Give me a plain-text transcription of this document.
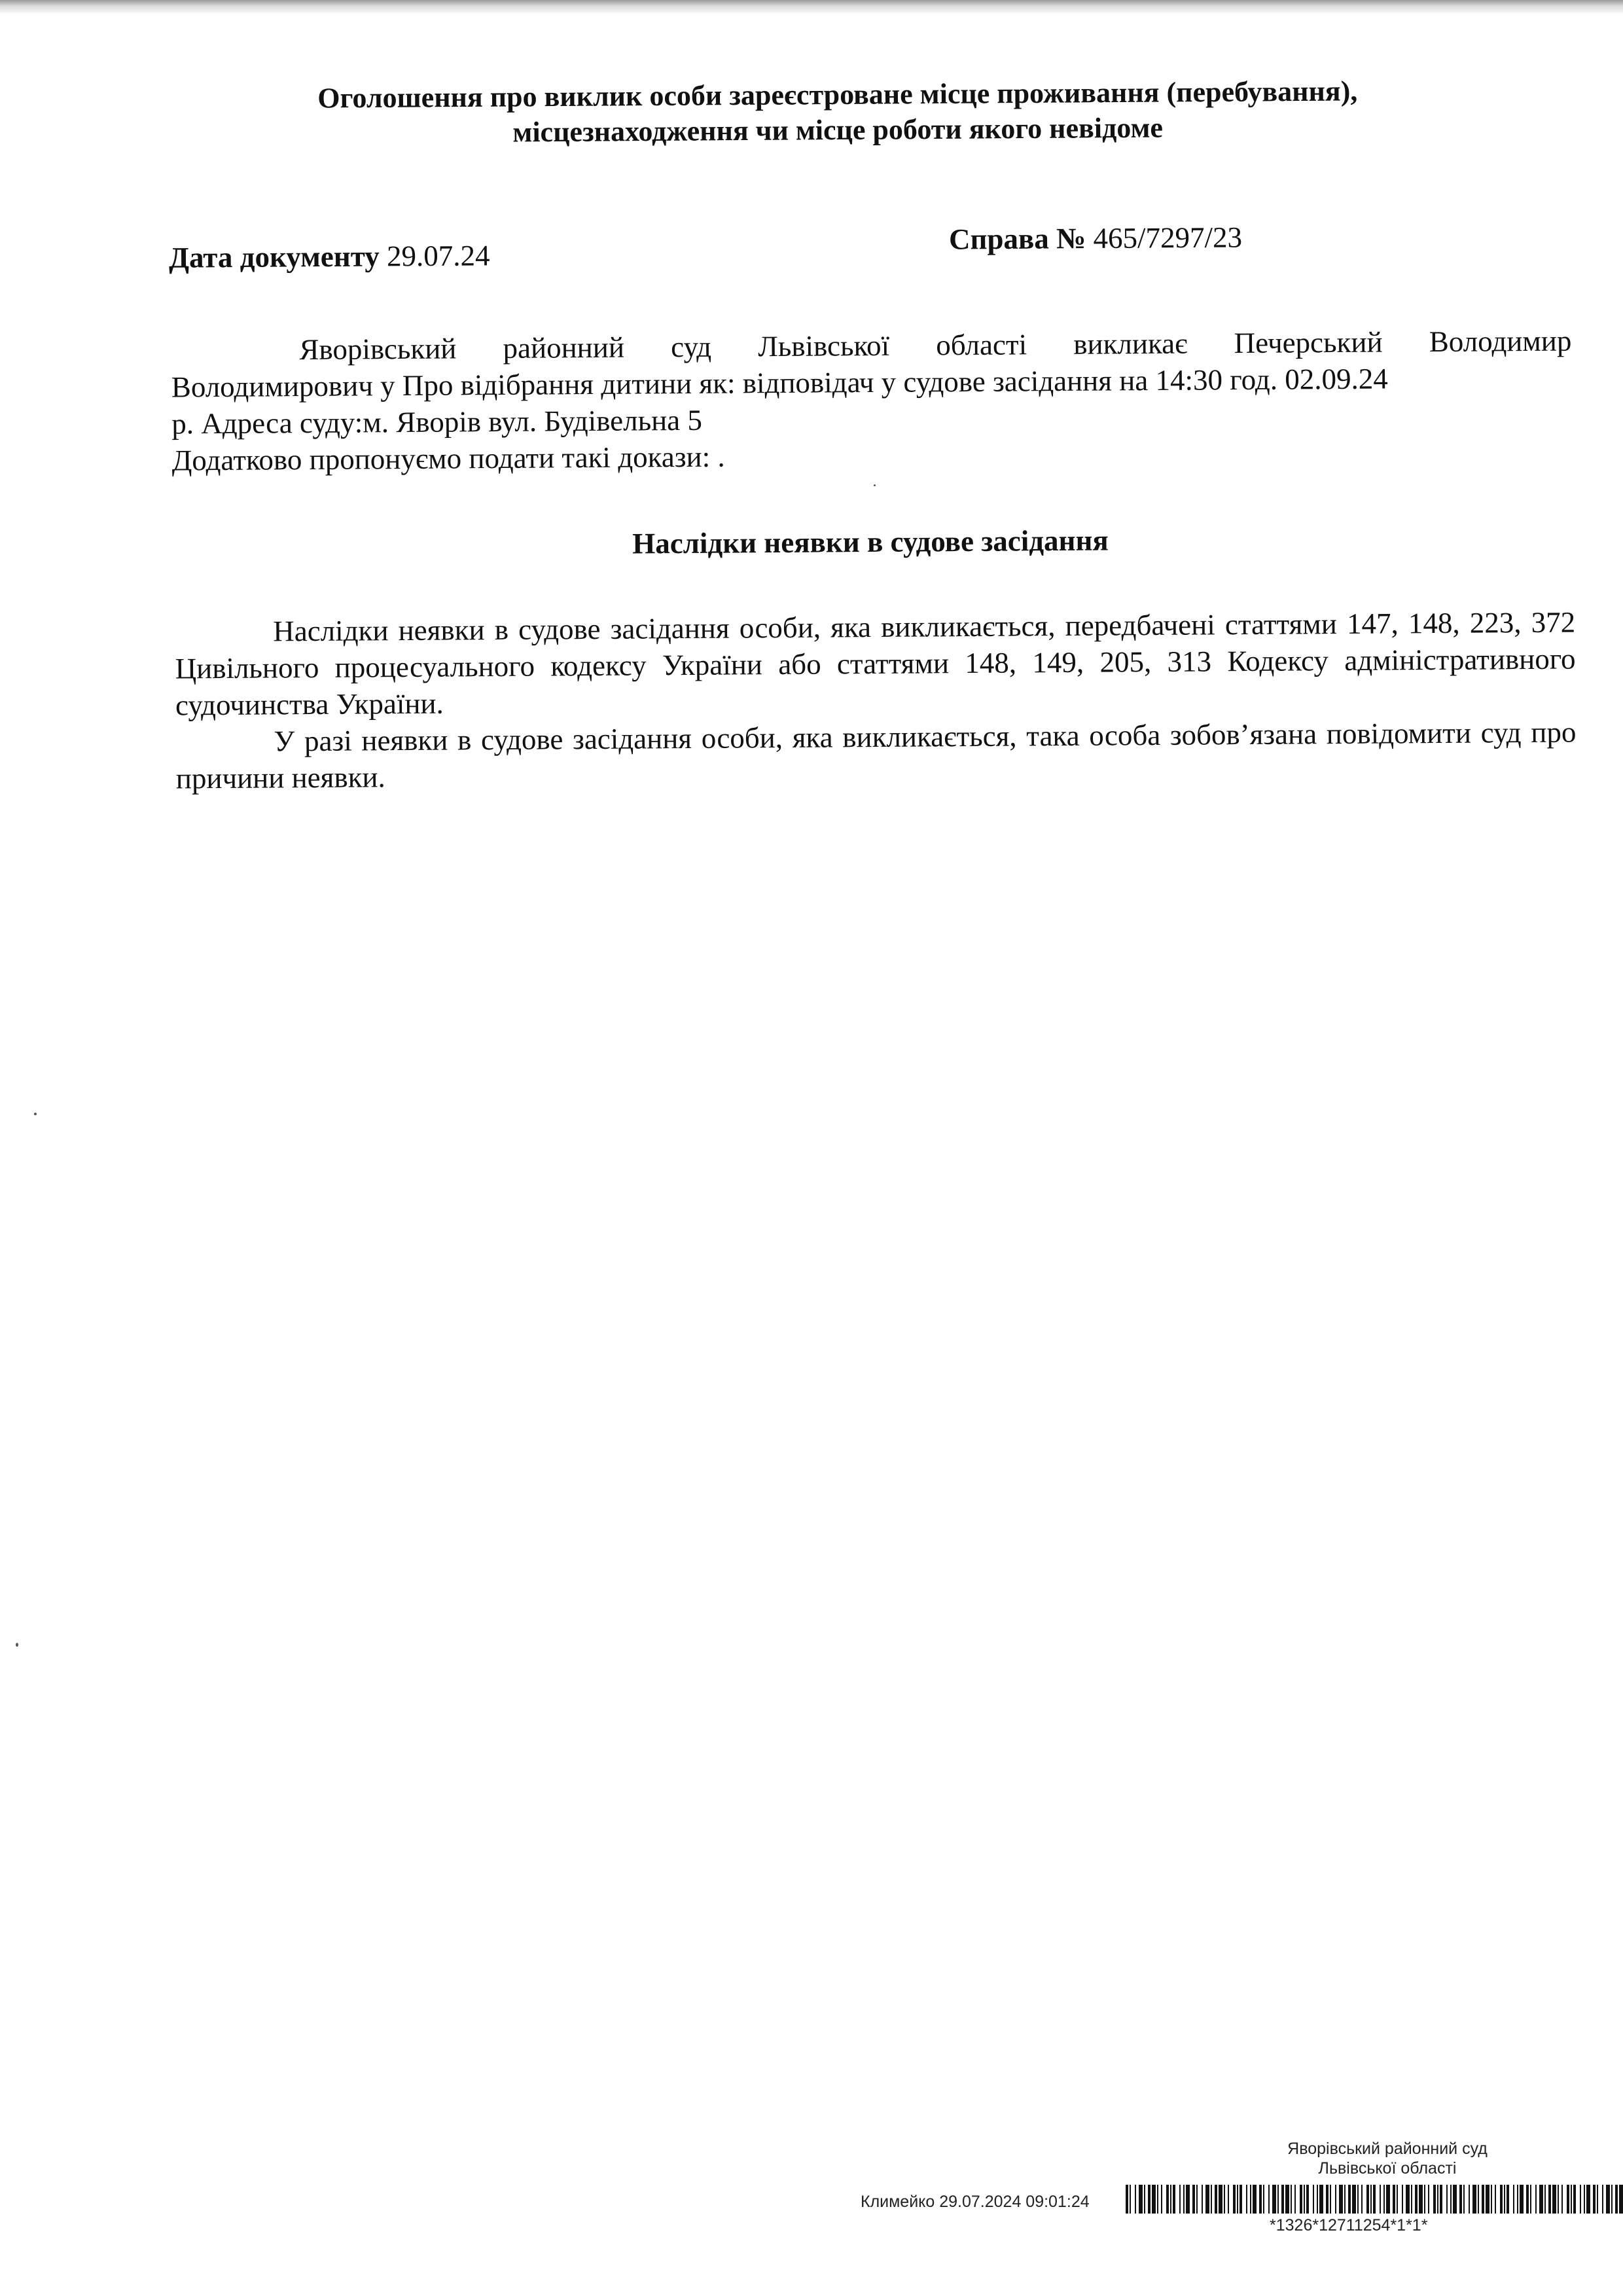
Оголошення про виклик особи зареєстроване місце проживання (перебування),
місцезнаходження чи місце роботи якого невідоме
Дата документу 29.07.24
Справа № 465/7297/23
Яворівський районний суд Львівської області викликає Печерський Володимир
Володимирович у Про відібрання дитини як: відповідач у судове засідання на 14:30 год. 02.09.24
р. Адреса суду:м. Яворів вул. Будівельна 5
Додатково пропонуємо подати такі докази: .
Наслідки неявки в судове засідання

Наслідки неявки в судове засідання особи, яка викликається, передбачені статтями 147, 148, 223, 372 Цивільного процесуального кодексу України або статтями 148, 149, 205, 313 Кодексу адміністративного судочинства України.

У разі неявки в судове засідання особи, яка викликається, така особа зобов’язана повідомити суд про причини неявки.

Яворівський районний суд
Львівської області
Климейко 29.07.2024 09:01:24
*1326*12711254*1*1*
